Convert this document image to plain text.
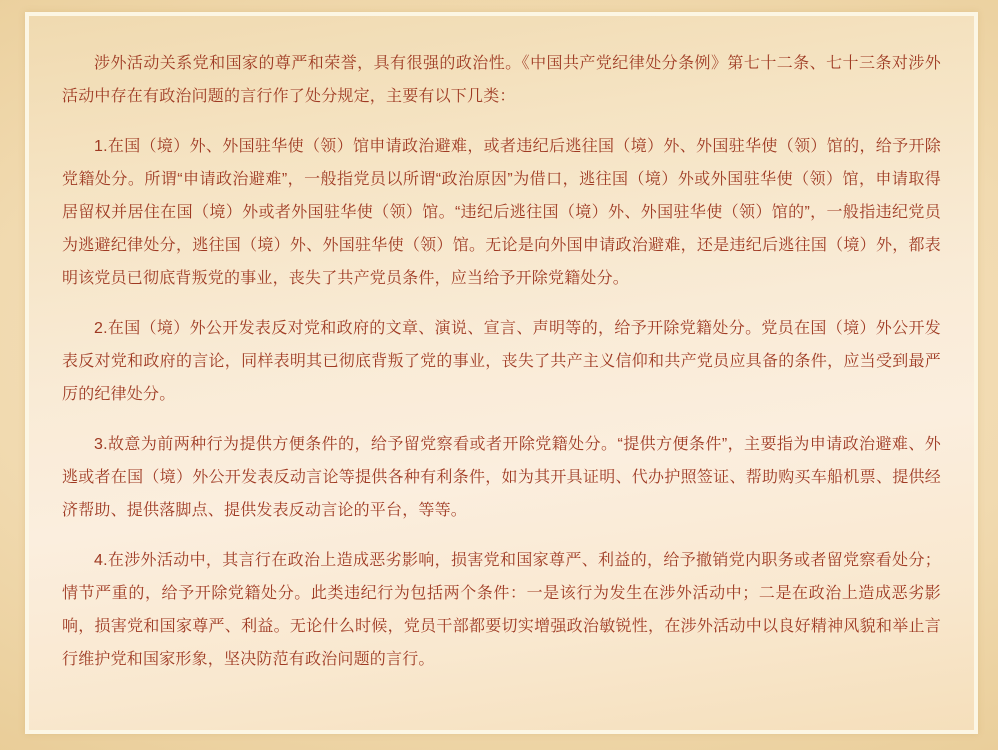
涉外活动关系党和国家的尊严和荣誉，具有很强的政治性。《中国共产党纪律处分条例》第七十二条、七十三条对涉外活动中存在有政治问题的言行作了处分规定，主要有以下几类：

1.在国（境）外、外国驻华使（领）馆申请政治避难，或者违纪后逃往国（境）外、外国驻华使（领）馆的，给予开除党籍处分。所谓“申请政治避难”，一般指党员以所谓“政治原因”为借口，逃往国（境）外或外国驻华使（领）馆，申请取得居留权并居住在国（境）外或者外国驻华使（领）馆。“违纪后逃往国（境）外、外国驻华使（领）馆的”，一般指违纪党员为逃避纪律处分，逃往国（境）外、外国驻华使（领）馆。无论是向外国申请政治避难，还是违纪后逃往国（境）外，都表明该党员已彻底背叛党的事业，丧失了共产党员条件，应当给予开除党籍处分。

2.在国（境）外公开发表反对党和政府的文章、演说、宣言、声明等的，给予开除党籍处分。党员在国（境）外公开发表反对党和政府的言论，同样表明其已彻底背叛了党的事业，丧失了共产主义信仰和共产党员应具备的条件，应当受到最严厉的纪律处分。

3.故意为前两种行为提供方便条件的，给予留党察看或者开除党籍处分。“提供方便条件”，主要指为申请政治避难、外逃或者在国（境）外公开发表反动言论等提供各种有利条件，如为其开具证明、代办护照签证、帮助购买车船机票、提供经济帮助、提供落脚点、提供发表反动言论的平台，等等。

4.在涉外活动中，其言行在政治上造成恶劣影响，损害党和国家尊严、利益的，给予撤销党内职务或者留党察看处分；情节严重的，给予开除党籍处分。此类违纪行为包括两个条件：一是该行为发生在涉外活动中；二是在政治上造成恶劣影响，损害党和国家尊严、利益。无论什么时候，党员干部都要切实增强政治敏锐性，在涉外活动中以良好精神风貌和举止言行维护党和国家形象，坚决防范有政治问题的言行。
